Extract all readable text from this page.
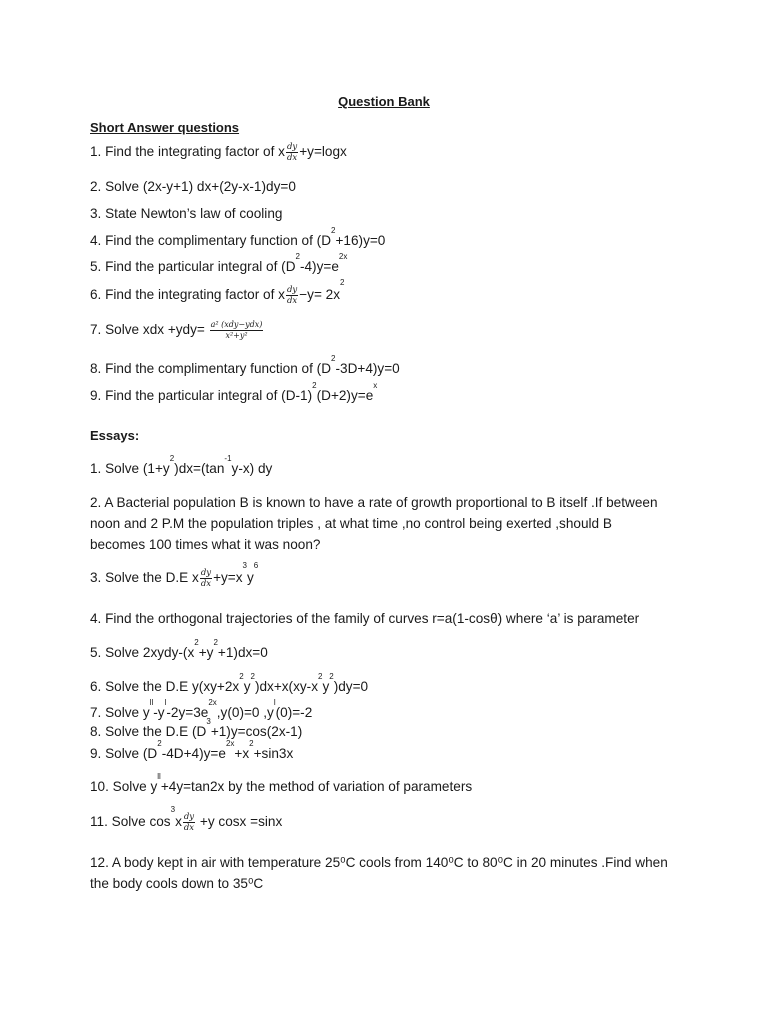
Question Bank
Short Answer questions
1. Find the integrating factor of x $\frac{dy}{dx} +y=\log x$
2. Solve (2x-y+1) dx+(2y-x-1)dy=0
3. State Newton’s law of cooling
4. Find the complimentary function of $(D^2+16)y=0$
5. Find the particular integral of $(D^2-4)y=e^{2x}$
6. Find the integrating factor of x $\frac{dy}{dx} -y= 2x^2$
7. Solve xdx $+ydy= \frac{\text{a² (xdy−ydx)}}{\text{x²+y²}}$
8. Find the complimentary function of $(D^2-3D+4)y=0$
9. Find the particular integral of $(D-1)^2(D+2)y=e^x$
Essays:
1. Solve $(1+y^2)dx=(\tan^{-1}y-x)$ dy
2. A Bacterial population B is known to have a rate of growth proportional to B itself .If between noon and 2 P.M the population triples , at what time ,no control being exerted ,should B becomes 100 times what it was noon?
3. Solve the D.E x $\frac{dy}{dx} +y=x^3y^6$
4. Find the orthogonal trajectories of the family of curves r=a(1-cosθ) where ‘a’ is parameter
5. Solve $2xydy-(x^2+y^2+1)dx=0$
6. Solve the D.E $y(xy+2x^2y^2)dx+x(xy-x^2y^2)dy=0$
7. Solve $y^{ll}-y^l-2y=3e^{2x},y(0)=0$ $,y^l(0)=-2$
8. Solve the D.E $(D^3+1)y=\cos(2x-1)$
9. Solve $(D^2-4D+4)y=e^{2x}+x^2+\sin 3x$
10. Solve $y^{ll}+4y=\tan 2x$ by the method of variation of parameters
11. Solve $\cos^3x \frac{dy}{dx} +y$ cosx =sinx
12. A body kept in air with temperature 25⁰C cools from 140⁰C to 80⁰C in 20 minutes .Find when the body cools down to 35⁰C
